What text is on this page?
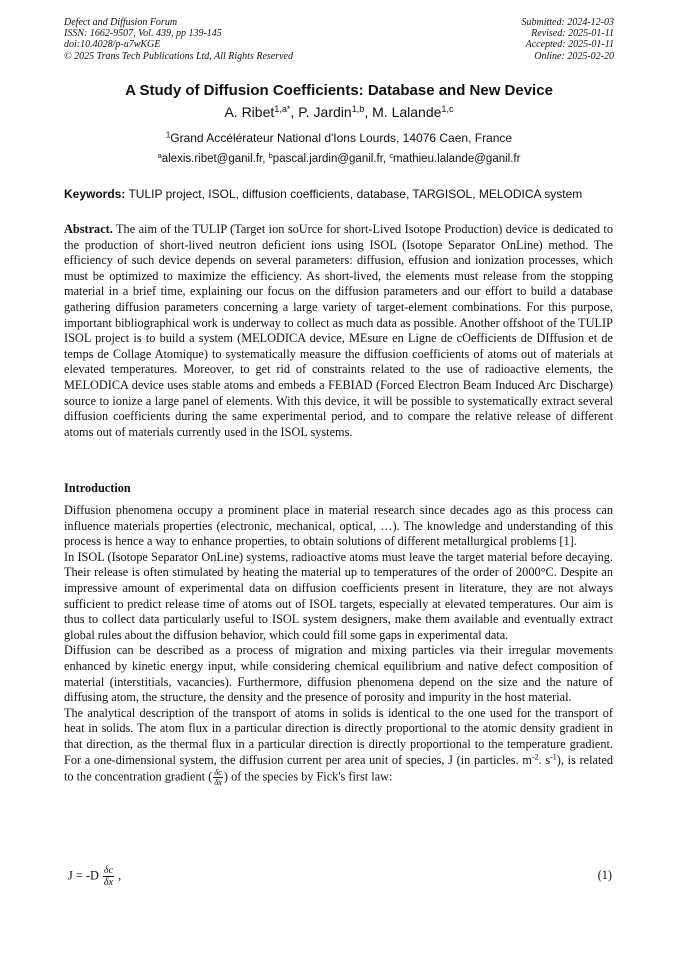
Defect and Diffusion Forum
ISSN: 1662-9507, Vol. 439, pp 139-145
doi:10.4028/p-u7wKGE
© 2025 Trans Tech Publications Ltd, All Rights Reserved
Submitted: 2024-12-03
Revised: 2025-01-11
Accepted: 2025-01-11
Online: 2025-02-20
A Study of Diffusion Coefficients: Database and New Device
A. Ribet$^{1,a*}$, P. Jardin$^{1,b}$, M. Lalande$^{1,c}$
$^1$Grand Accélérateur National d'Ions Lourds, 14076 Caen, France
$^a$alexis.ribet@ganil.fr, $^b$pascal.jardin@ganil.fr, $^c$mathieu.lalande@ganil.fr
Keywords: TULIP project, ISOL, diffusion coefficients, database, TARGISOL, MELODICA system
Abstract. The aim of the TULIP (Target ion soUrce for short-Lived Isotope Production) device is dedicated to the production of short-lived neutron deficient ions using ISOL (Isotope Separator OnLine) method. The efficiency of such device depends on several parameters: diffusion, effusion and ionization processes, which must be optimized to maximize the efficiency. As short-lived, the elements must release from the stopping material in a brief time, explaining our focus on the diffusion parameters and our effort to build a database gathering diffusion parameters concerning a large variety of target-element combinations. For this purpose, important bibliographical work is underway to collect as much data as possible. Another offshoot of the TULIP ISOL project is to build a system (MELODICA device, MEsure en Ligne de cOefficients de DIffusion et de temps de Collage Atomique) to systematically measure the diffusion coefficients of atoms out of materials at elevated temperatures. Moreover, to get rid of constraints related to the use of radioactive elements, the MELODICA device uses stable atoms and embeds a FEBIAD (Forced Electron Beam Induced Arc Discharge) source to ionize a large panel of elements. With this device, it will be possible to systematically extract several diffusion coefficients during the same experimental period, and to compare the relative release of different atoms out of materials currently used in the ISOL systems.
Introduction

Diffusion phenomena occupy a prominent place in material research since decades ago as this process can influence materials properties (electronic, mechanical, optical, …). The knowledge and understanding of this process is hence a way to enhance properties, to obtain solutions of different metallurgical problems [1].

In ISOL (Isotope Separator OnLine) systems, radioactive atoms must leave the target material before decaying. Their release is often stimulated by heating the material up to temperatures of the order of 2000°C. Despite an impressive amount of experimental data on diffusion coefficients present in literature, they are not always sufficient to predict release time of atoms out of ISOL targets, especially at elevated temperatures. Our aim is thus to collect data particularly useful to ISOL system designers, make them available and eventually extract global rules about the diffusion behavior, which could fill some gaps in experimental data.

Diffusion can be described as a process of migration and mixing particles via their irregular movements enhanced by kinetic energy input, while considering chemical equilibrium and native defect composition of material (interstitials, vacancies). Furthermore, diffusion phenomena depend on the size and the nature of diffusing atom, the structure, the density and the presence of porosity and impurity in the host material.

The analytical description of the transport of atoms in solids is identical to the one used for the transport of heat in solids. The atom flux in a particular direction is directly proportional to the atomic density gradient in that direction, as the thermal flux in a particular direction is directly proportional to the temperature gradient. For a one-dimensional system, the diffusion current per area unit of species, J (in particles. $m^{-2}$. $s^{-1}$), is related to the concentration gradient ( $\frac{\delta c}{\delta x}$ ) of the species by Fick's first law:

$J = -D \frac{\delta c}{\delta x}$ ,	(1)
